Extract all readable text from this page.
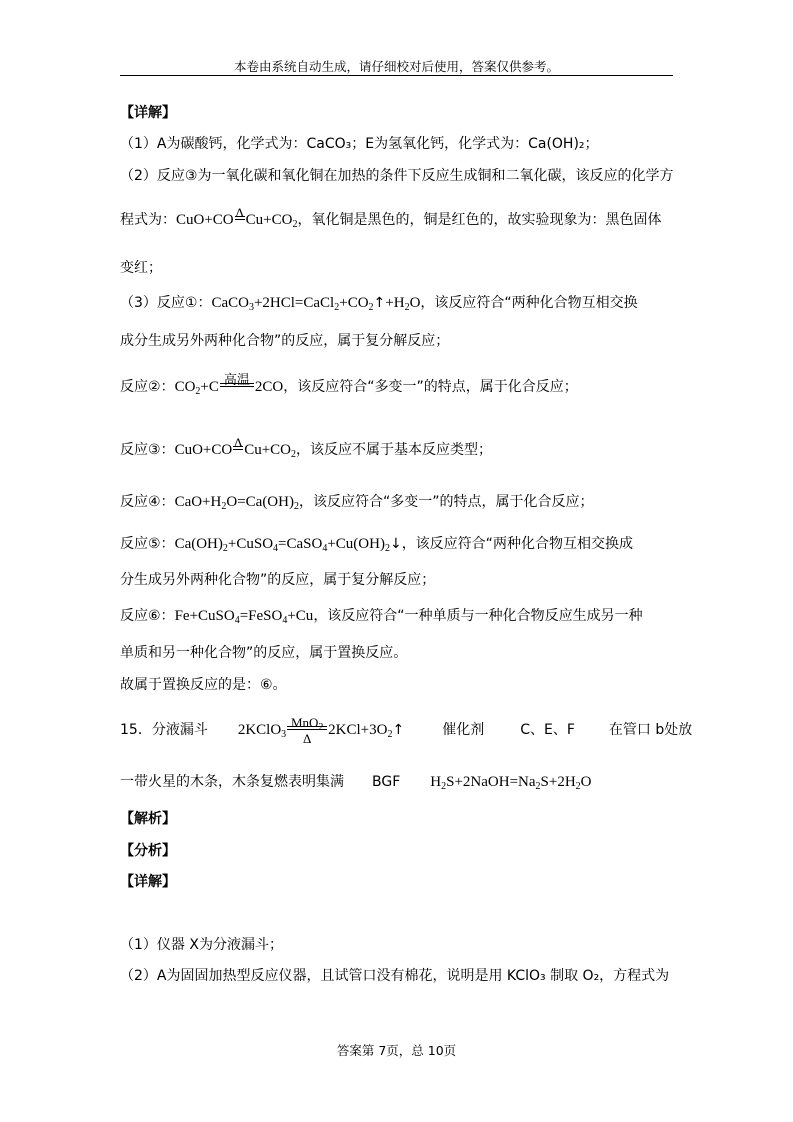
本卷由系统自动生成，请仔细校对后使用，答案仅供参考。
【详解】
（1）A为碳酸钙，化学式为：CaCO₃；E为氢氧化钙，化学式为：Ca(OH)₂；
（2）反应③为一氧化碳和氧化铜在加热的条件下反应生成铜和二氧化碳，该反应的化学方
程式为：CuO+CO Δ $Cu+CO_2$，氧化铜是黑色的，铜是红色的，故实验现象为：黑色固体
变红；
（3）反应①：$CaCO_3+2HCl=CaCl_2+CO_2↑+H_2O$，该反应符合“两种化合物互相交换
成分生成另外两种化合物”的反应，属于复分解反应；
反应②：$CO_2+C$ 高温 2CO，该反应符合“多变一”的特点，属于化合反应；
反应③：CuO+CO Δ $Cu+CO_2$，该反应不属于基本反应类型；
反应④：$CaO+H_2O=Ca(OH)_2$，该反应符合“多变一”的特点，属于化合反应；
反应⑤：$Ca(OH)_2+CuSO_4=CaSO_4+Cu(OH)_2↓$，该反应符合“两种化合物互相交换成
分生成另外两种化合物”的反应，属于复分解反应；
反应⑥：Fe+CuSO$_4$=FeSO$_4$+Cu，该反应符合“一种单质与一种化合物反应生成另一种
单质和另一种化合物”的反应，属于置换反应。
故属于置换反应的是：⑥。
15．分液漏斗 2KClO$_3$
MnO$_2$
Δ
$2KCl+3O_2↑$	催化剂	C、E、F 在管口 b处放
一带火星的木条，木条复燃表明集满 BGF $H_2S+2NaOH=Na_2S+2H_2O$
【解析】
【分析】
【详解】
（1）仪器 X为分液漏斗；
（2）A为固固加热型反应仪器，且试管口没有棉花，说明是用 KClO₃ 制取 O₂，方程式为
答案第 7页，总 10页
